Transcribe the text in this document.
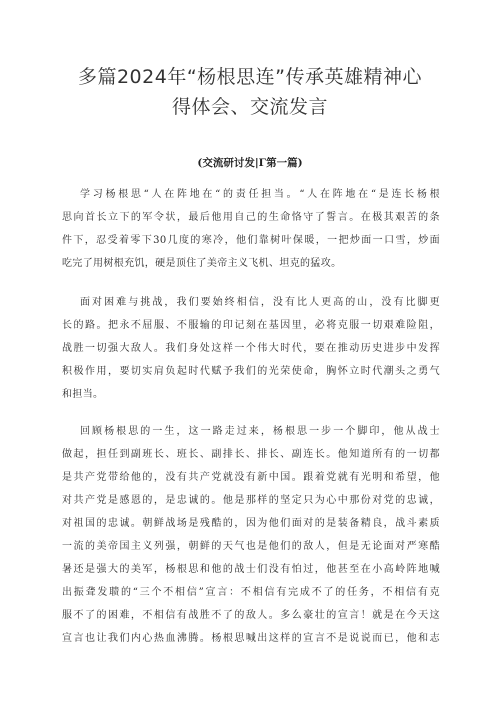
多篇2024年“杨根思连”传承英雄精神心
得体会、交流发言

(交流研讨发|Γ第一篇)

学习杨根思“人在阵地在“的责任担当。“人在阵地在“是连长杨根
思向首长立下的军令状，最后他用自己的生命恪守了誓言。在极其艰苦的条
件下，忍受着零下30几度的寒冷，他们靠树叶保暖，一把炒面一口雪，炒面
吃完了用树根充饥，硬是顶住了美帝主义飞机、坦克的猛攻。
面对困难与挑战，我们要始终相信，没有比人更高的山，没有比脚更
长的路。把永不屈服、不服输的印记刻在基因里，必将克服一切艰难险阻，
战胜一切强大敌人。我们身处这样一个伟大时代，要在推动历史进步中发挥
积极作用，要切实肩负起时代赋予我们的光荣使命，胸怀立时代潮头之勇气
和担当。
回顾杨根思的一生，这一路走过来，杨根思一步一个脚印，他从战士
做起，担任到副班长、班长、副排长、排长、副连长。他知道所有的一切都
是共产党带给他的，没有共产党就没有新中国。跟着党就有光明和希望，他
对共产党是感恩的，是忠诚的。他是那样的坚定只为心中那份对党的忠诚，
对祖国的忠诚。朝鲜战场是残酷的，因为他们面对的是装备精良，战斗素质
一流的美帝国主义列强，朝鲜的天气也是他们的敌人，但是无论面对严寒酷
暑还是强大的美军，杨根思和他的战士们没有怕过，他甚至在小高岭阵地喊
出振聋发聩的“三个不相信”宣言：不相信有完成不了的任务，不相信有克
服不了的困难，不相信有战胜不了的敌人。多么豪壮的宣言！就是在今天这
宣言也让我们内心热血沸腾。杨根思喊出这样的宣言不是说说而已，他和志
